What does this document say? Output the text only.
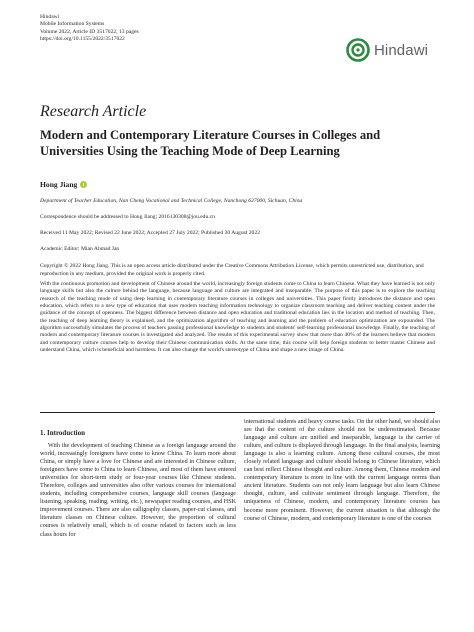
Hindawi
Mobile Information Systems
Volume 2022, Article ID 3517022, 13 pages
https://doi.org/10.1155/2022/3517022
Hindawi
Research Article
Modern and Contemporary Literature Courses in Colleges and Universities Using the Teaching Mode of Deep Learning
Hong Jiang
Department of Teacher Education, Nan Cheng Vocational and Technical College, Nanchong 637000, Sichuan, China
Correspondence should be addressed to Hong Jiang; 2016130308@jou.edu.cn
Received 11 May 2022; Revised 22 June 2022; Accepted 27 July 2022; Published 30 August 2022
Academic Editor: Mian Ahmad Jan
Copyright © 2022 Hong Jiang. This is an open access article distributed under the Creative Commons Attribution License, which permits unrestricted use, distribution, and reproduction in any medium, provided the original work is properly cited.
With the continuous promotion and development of Chinese around the world, increasingly foreign students come to China to learn Chinese. What they have learned is not only language skills but also the culture behind the language, because language and culture are integrated and inseparable. The purpose of this paper is to explore the teaching research of the teaching mode of using deep learning in contemporary literature courses in colleges and universities. This paper firstly introduces the distance and open education, which refers to a new type of education that uses modern teaching information technology to organize classroom teaching and deliver teaching content under the guidance of the concept of openness. The biggest difference between distance and open education and traditional education lies in the location and method of teaching. Then, the teaching of deep learning theory is explained, and the optimization algorithm of teaching and learning and the problem of education optimization are expounded. The algorithm successfully simulates the process of teachers passing professional knowledge to students and students' self-learning professional knowledge. Finally, the teaching of modern and contemporary literature courses is investigated and analyzed. The results of this experimental survey show that more than 40% of the learners believe that modern and contemporary culture courses help to develop their Chinese communication skills. At the same time, this course will help foreign students to better master Chinese and understand China, which is beneficial and harmless. It can also change the world's stereotype of China and shape a new image of China.
1. Introduction
With the development of teaching Chinese as a foreign language around the world, increasingly foreigners have come to know China. To learn more about China, or simply have a love for Chinese and are interested in Chinese culture, foreigners have come to China to learn Chinese, and most of them have entered universities for short-term study or four-year courses like Chinese students. Therefore, colleges and universities also offer various courses for international students, including comprehensive courses, language skill courses (language listening, speaking, reading, writing, etc.), newspaper reading courses, and HSK improvement courses. There are also calligraphy classes, paper-cut classes, and literature classes on Chinese culture. However, the proportion of cultural courses is relatively small, which is of course related to factors such as less class hours for
international students and heavy course tasks. On the other hand, we should also see that the content of the culture should not be underestimated. Because language and culture are unified and inseparable, language is the carrier of culture, and culture is displayed through language. In the final analysis, learning language is also a learning culture. Among these cultural courses, the most closely related language and culture should belong to Chinese literature, which can best reflect Chinese thought and culture. Among them, Chinese modern and contemporary literature is more in line with the current language norms than ancient literature. Students can not only learn language but also learn Chinese thought, culture, and cultivate sentiment through language. Therefore, the uniqueness of Chinese, modern, and contemporary literature courses has become more prominent. However, the current situation is that although the course of Chinese, modern, and contemporary literature is one of the courses
